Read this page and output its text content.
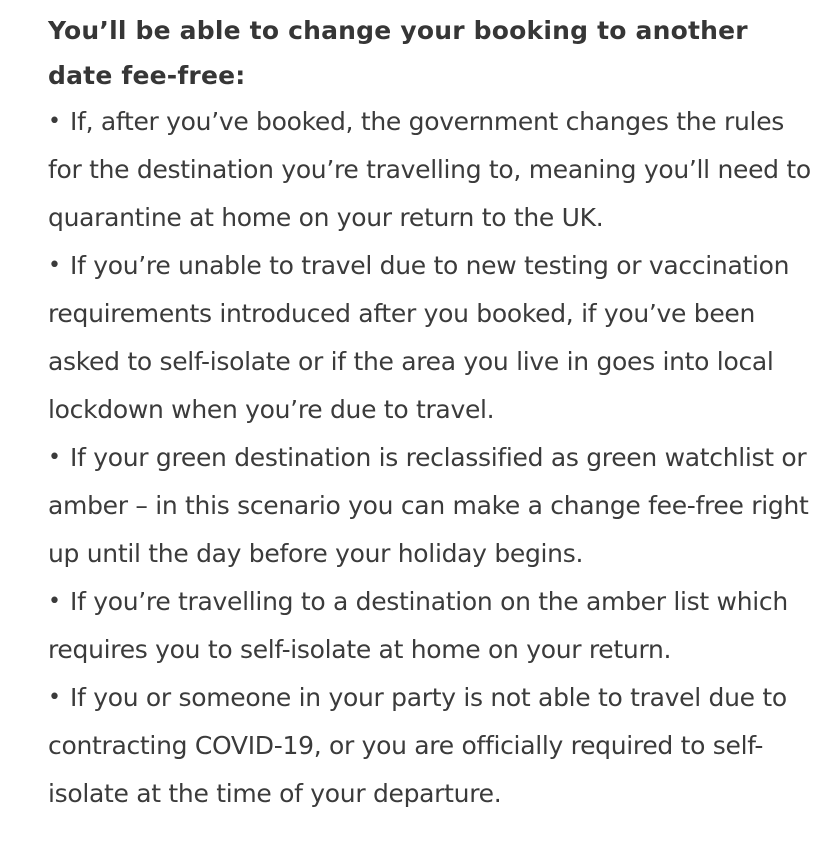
You’ll be able to change your booking to another date fee-free:
• If, after you’ve booked, the government changes the rules for the destination you’re travelling to, meaning you’ll need to quarantine at home on your return to the UK.
• If you’re unable to travel due to new testing or vaccination requirements introduced after you booked, if you’ve been asked to self-isolate or if the area you live in goes into local lockdown when you’re due to travel.
• If your green destination is reclassified as green watchlist or amber – in this scenario you can make a change fee-free right up until the day before your holiday begins.
• If you’re travelling to a destination on the amber list which requires you to self-isolate at home on your return.
• If you or someone in your party is not able to travel due to contracting COVID-19, or you are officially required to self-isolate at the time of your departure.
